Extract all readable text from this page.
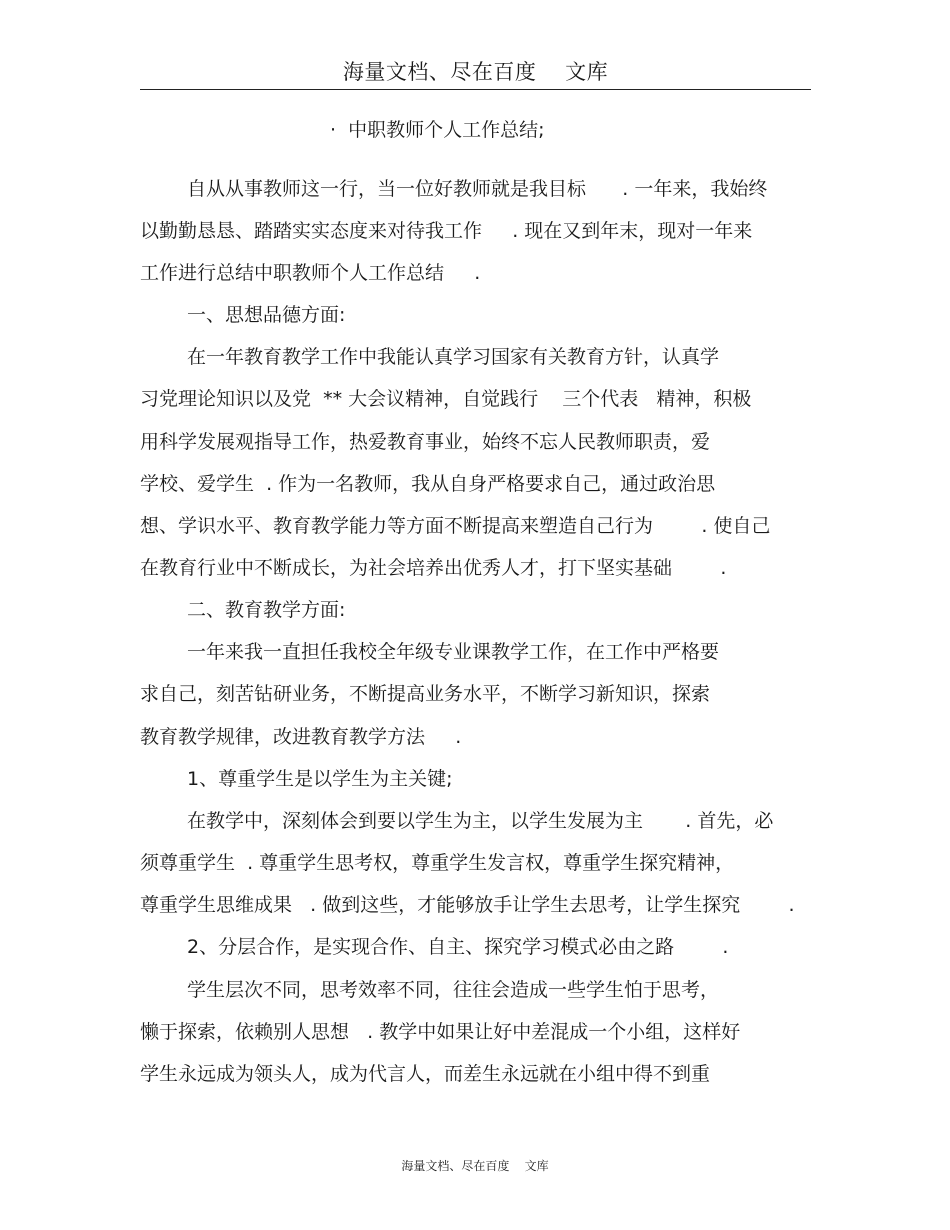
海量文档、尽在百度    文库
·  中职教师个人工作总结;
自从从事教师这一行，当一位好教师就是我目标      . 一年来，我始终
以勤勤恳恳、踏踏实实态度来对待我工作     . 现在又到年末，现对一年来
工作进行总结中职教师个人工作总结     .
一、思想品德方面:
在一年教育教学工作中我能认真学习国家有关教育方针，认真学
习党理论知识以及党  ** 大会议精神，自觉践行    三个代表   精神，积极
用科学发展观指导工作，热爱教育事业，始终不忘人民教师职责，爱
学校、爱学生  . 作为一名教师，我从自身严格要求自己，通过政治思
想、学识水平、教育教学能力等方面不断提高来塑造自己行为        . 使自己
在教育行业中不断成长，为社会培养出优秀人才，打下坚实基础        .
二、教育教学方面:
一年来我一直担任我校全年级专业课教学工作，在工作中严格要
求自己，刻苦钻研业务，不断提高业务水平，不断学习新知识，探索
教育教学规律，改进教育教学方法     .
1、尊重学生是以学生为主关键;
在教学中，深刻体会到要以学生为主，以学生发展为主       . 首先，必
须尊重学生  . 尊重学生思考权，尊重学生发言权，尊重学生探究精神，
尊重学生思维成果   . 做到这些，才能够放手让学生去思考，让学生探究        .
2、分层合作，是实现合作、自主、探究学习模式必由之路        .
学生层次不同，思考效率不同，往往会造成一些学生怕于思考，
懒于探索，依赖别人思想   . 教学中如果让好中差混成一个小组，这样好
学生永远成为领头人，成为代言人，而差生永远就在小组中得不到重
海量文档、尽在百度    文库
